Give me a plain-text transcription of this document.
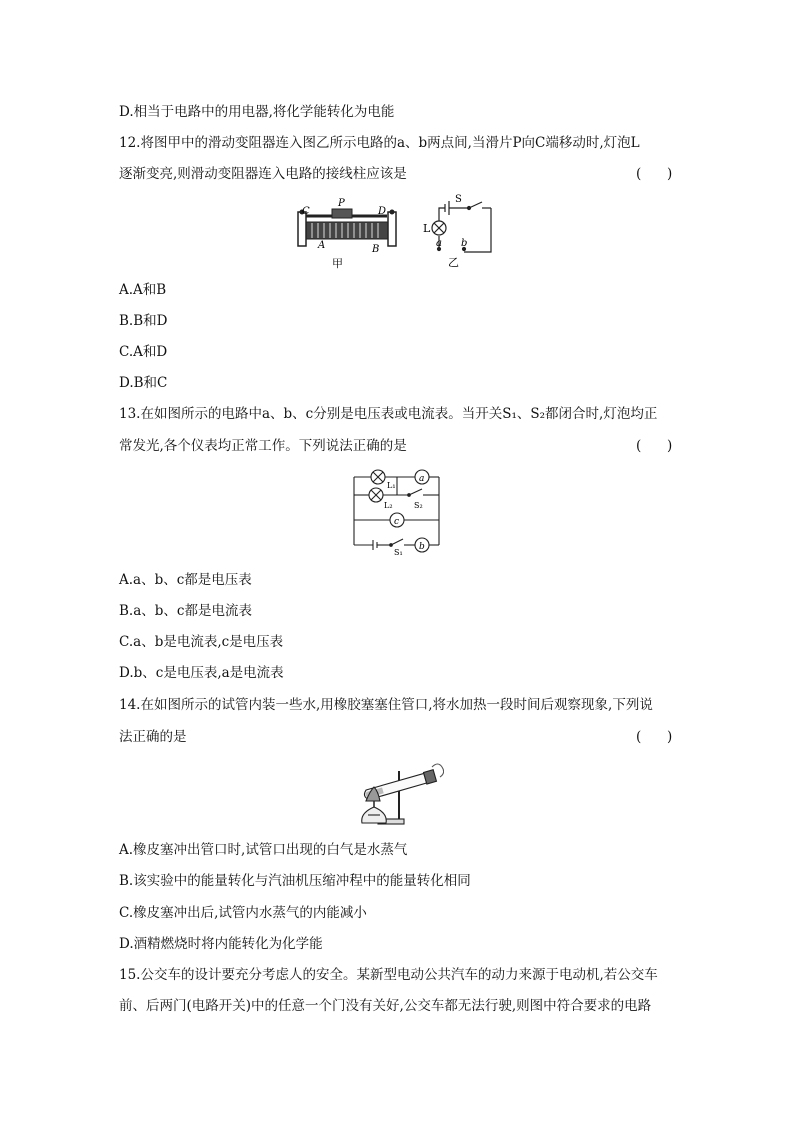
D.相当于电路中的用电器,将化学能转化为电能
12.将图甲中的滑动变阻器连入图乙所示电路的a、b两点间,当滑片P向C端移动时,灯泡L
逐渐变亮,则滑动变阻器连入电路的接线柱应该是	(      )
C
P
D
A	B
甲
L
S
a b
乙
A.A和B
B.B和D
C.A和D
D.B和C
13.在如图所示的电路中a、b、c分别是电压表或电流表。当开关S₁、S₂都闭合时,灯泡均正
常发光,各个仪表均正常工作。下列说法正确的是	(      )
a
b
c
L₁
L₂	S₂
S₁
A.a、b、c都是电压表
B.a、b、c都是电流表
C.a、b是电流表,c是电压表
D.b、c是电压表,a是电流表
14.在如图所示的试管内装一些水,用橡胶塞塞住管口,将水加热一段时间后观察现象,下列说
法正确的是	(      )
A.橡皮塞冲出管口时,试管口出现的白气是水蒸气
B.该实验中的能量转化与汽油机压缩冲程中的能量转化相同
C.橡皮塞冲出后,试管内水蒸气的内能减小
D.酒精燃烧时将内能转化为化学能
15.公交车的设计要充分考虑人的安全。某新型电动公共汽车的动力来源于电动机,若公交车
前、后两门(电路开关)中的任意一个门没有关好,公交车都无法行驶,则图中符合要求的电路
